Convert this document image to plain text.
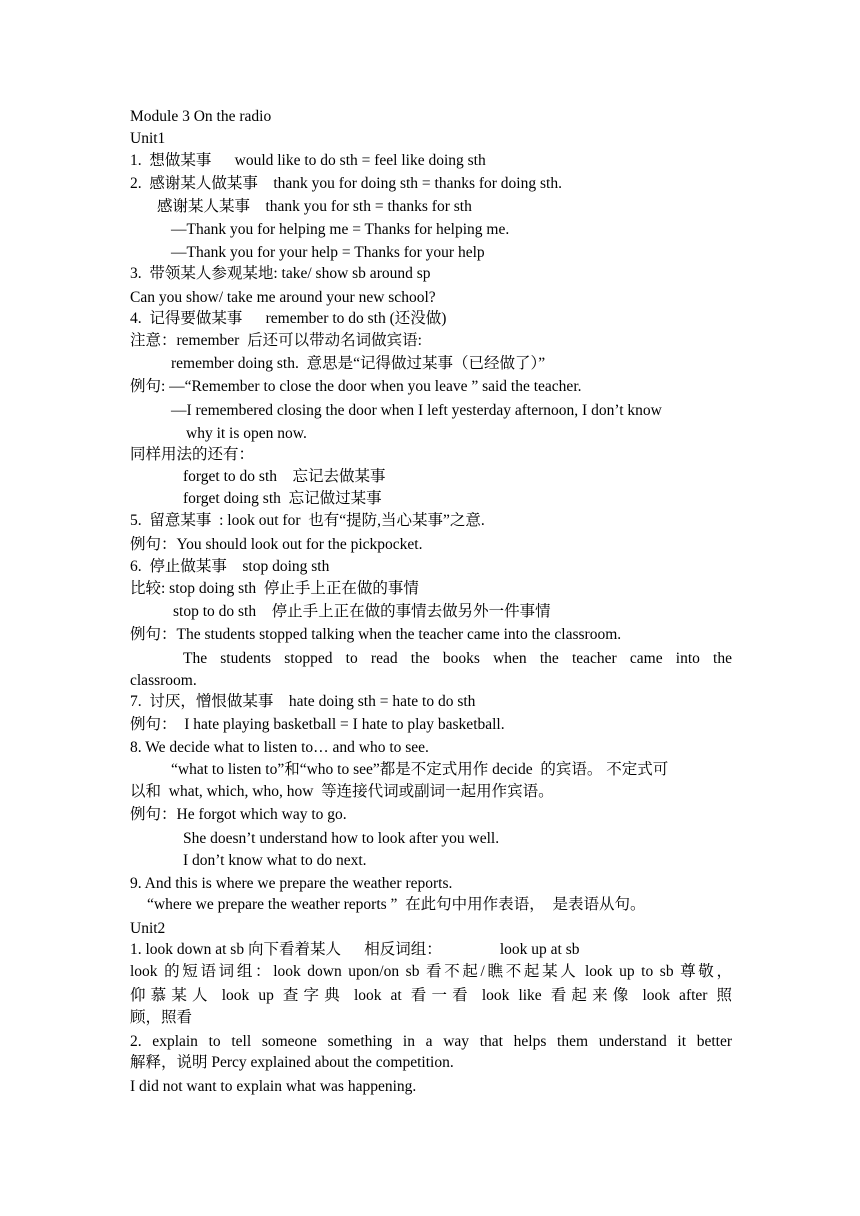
Module 3 On the radio
Unit1
1.  想做某事      would like to do sth = feel like doing sth
2.  感谢某人做某事    thank you for doing sth = thanks for doing sth.
感谢某人某事    thank you for sth = thanks for sth
—Thank you for helping me = Thanks for helping me.
—Thank you for your help = Thanks for your help
3.  带领某人参观某地: take/ show sb around sp
Can you show/ take me around your new school?
4.  记得要做某事      remember to do sth (还没做)
注意：remember  后还可以带动名词做宾语:
remember doing sth.  意思是“记得做过某事（已经做了）”
例句: —“Remember to close the door when you leave ” said the teacher.
—I remembered closing the door when I left yesterday afternoon, I don’t know
why it is open now.
同样用法的还有：
forget to do sth    忘记去做某事
forget doing sth  忘记做过某事
5.  留意某事  : look out for  也有“提防,当心某事”之意.
例句：You should look out for the pickpocket.
6.  停止做某事    stop doing sth
比较: stop doing sth  停止手上正在做的事情
stop to do sth    停止手上正在做的事情去做另外一件事情
例句：The students stopped talking when the teacher came into the classroom.
The students stopped to read the books when the teacher came into the
classroom.
7.  讨厌，憎恨做某事    hate doing sth = hate to do sth
例句：  I hate playing basketball = I hate to play basketball.
8. We decide what to listen to… and who to see.
“what to listen to”和“who to see”都是不定式用作 decide  的宾语。 不定式可
以和  what, which, who, how  等连接代词或副词一起用作宾语。
例句：He forgot which way to go.
She doesn’t understand how to look after you well.
I don’t know what to do next.
9. And this is where we prepare the weather reports.
“where we prepare the weather reports ”  在此句中用作表语，  是表语从句。
Unit2
1. look down at sb 向下看着某人      相反词组：               look up at sb
look 的短语词组：look down upon/on sb 看不起/瞧不起某人 look up to sb 尊敬，
仰慕某人 look up 查字典 look at 看一看 look like 看起来像 look after 照
顾，照看
2. explain to tell someone something in a way that helps them understand it better
解释，说明 Percy explained about the competition.
I did not want to explain what was happening.
